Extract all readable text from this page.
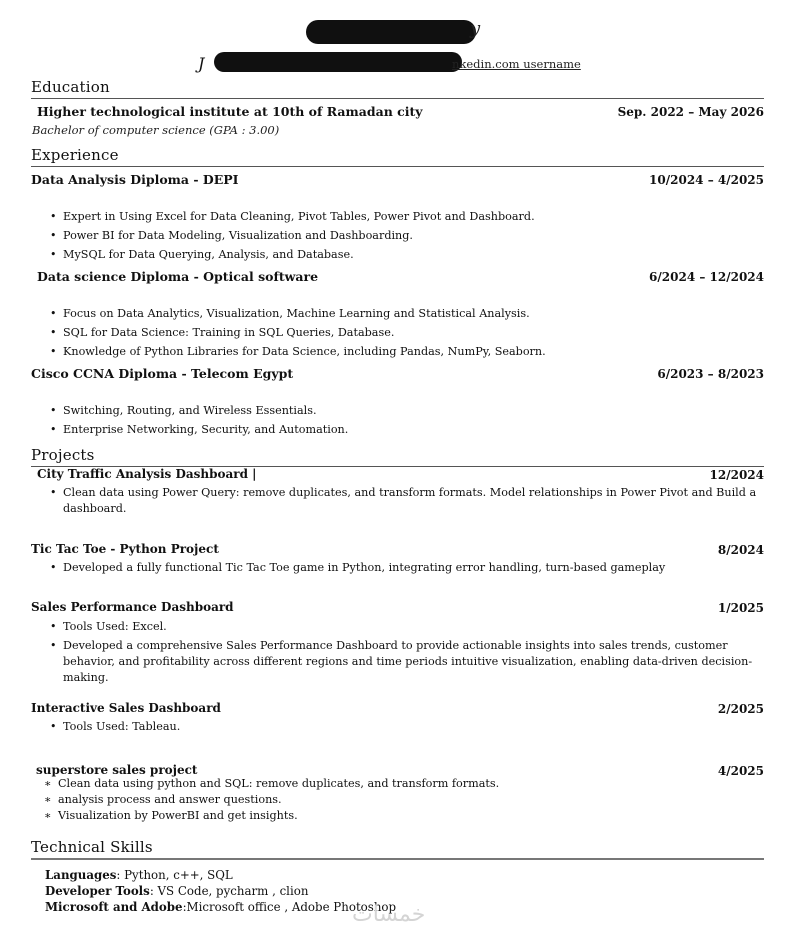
y
J	nkedin.com username
Education
Higher technological institute at 10th of Ramadan city	Sep. 2022 – May 2026
Bachelor of computer science (GPA : 3.00)
Experience
Data Analysis Diploma - DEPI	10/2024 – 4/2025
• Expert in Using Excel for Data Cleaning, Pivot Tables, Power Pivot and Dashboard.
• Power BI for Data Modeling, Visualization and Dashboarding.
• MySQL for Data Querying, Analysis, and Database.
Data science Diploma - Optical software	6/2024 – 12/2024
• Focus on Data Analytics, Visualization, Machine Learning and Statistical Analysis.
• SQL for Data Science: Training in SQL Queries, Database.
• Knowledge of Python Libraries for Data Science, including Pandas, NumPy, Seaborn.
Cisco CCNA Diploma - Telecom Egypt	6/2023 – 8/2023
• Switching, Routing, and Wireless Essentials.
• Enterprise Networking, Security, and Automation.
Projects
City Traffic Analysis Dashboard |	12/2024
• Clean data using Power Query: remove duplicates, and transform formats. Model relationships in Power Pivot and Build a dashboard.
Tic Tac Toe - Python Project	8/2024
• Developed a fully functional Tic Tac Toe game in Python, integrating error handling, turn-based gameplay
Sales Performance Dashboard	1/2025
• Tools Used: Excel.
• Developed a comprehensive Sales Performance Dashboard to provide actionable insights into sales trends, customer behavior, and profitability across different regions and time periods intuitive visualization, enabling data-driven decision-making.
Interactive Sales Dashboard	2/2025
• Tools Used: Tableau.
superstore sales project	4/2025
∗ Clean data using python and SQL: remove duplicates, and transform formats.
∗ analysis process and answer questions.
∗ Visualization by PowerBI and get insights.
Technical Skills
Languages: Python, c++, SQL
Developer Tools: VS Code, pycharm , clion
Microsoft and Adobe:Microsoft office , Adobe Photoshop
خمسات
